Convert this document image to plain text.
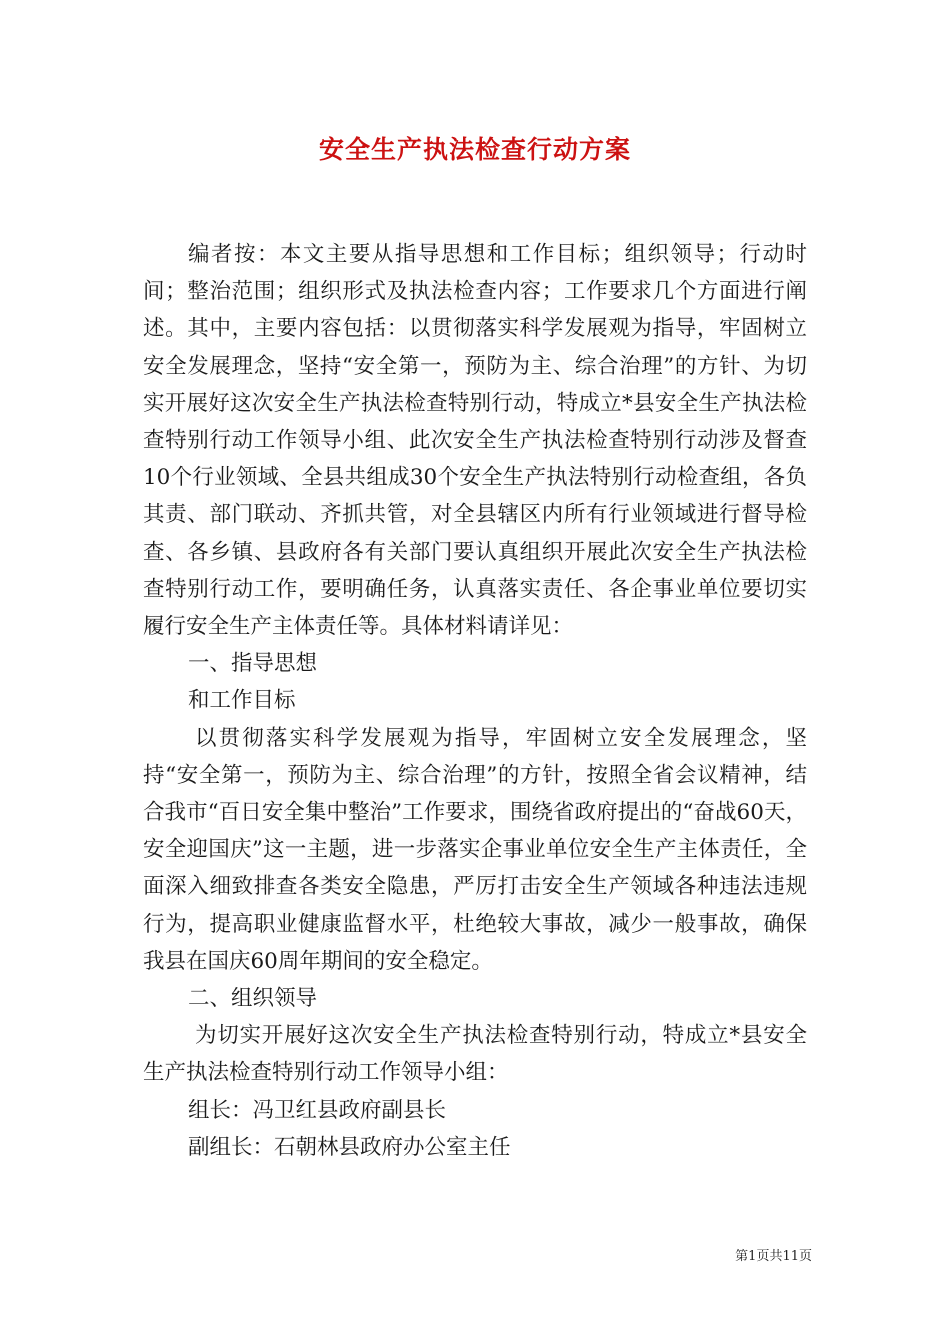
安全生产执法检查行动方案

编者按：本文主要从指导思想和工作目标；组织领导；行动时间；整治范围；组织形式及执法检查内容；工作要求几个方面进行阐述。其中，主要内容包括：以贯彻落实科学发展观为指导，牢固树立安全发展理念，坚持“安全第一，预防为主、综合治理”的方针、为切实开展好这次安全生产执法检查特别行动，特成立*县安全生产执法检查特别行动工作领导小组、此次安全生产执法检查特别行动涉及督查10个行业领域、全县共组成30个安全生产执法特别行动检查组，各负其责、部门联动、齐抓共管，对全县辖区内所有行业领域进行督导检查、各乡镇、县政府各有关部门要认真组织开展此次安全生产执法检查特别行动工作，要明确任务，认真落实责任、各企事业单位要切实履行安全生产主体责任等。具体材料请详见：

一、指导思想

和工作目标

以贯彻落实科学发展观为指导，牢固树立安全发展理念，坚持“安全第一，预防为主、综合治理”的方针，按照全省会议精神，结合我市“百日安全集中整治”工作要求，围绕省政府提出的“奋战60天，安全迎国庆”这一主题，进一步落实企事业单位安全生产主体责任，全面深入细致排查各类安全隐患，严厉打击安全生产领域各种违法违规行为，提高职业健康监督水平，杜绝较大事故，减少一般事故，确保我县在国庆60周年期间的安全稳定。

二、组织领导

为切实开展好这次安全生产执法检查特别行动，特成立*县安全生产执法检查特别行动工作领导小组：

组长：冯卫红县政府副县长

副组长：石朝林县政府办公室主任

第1页共11页
